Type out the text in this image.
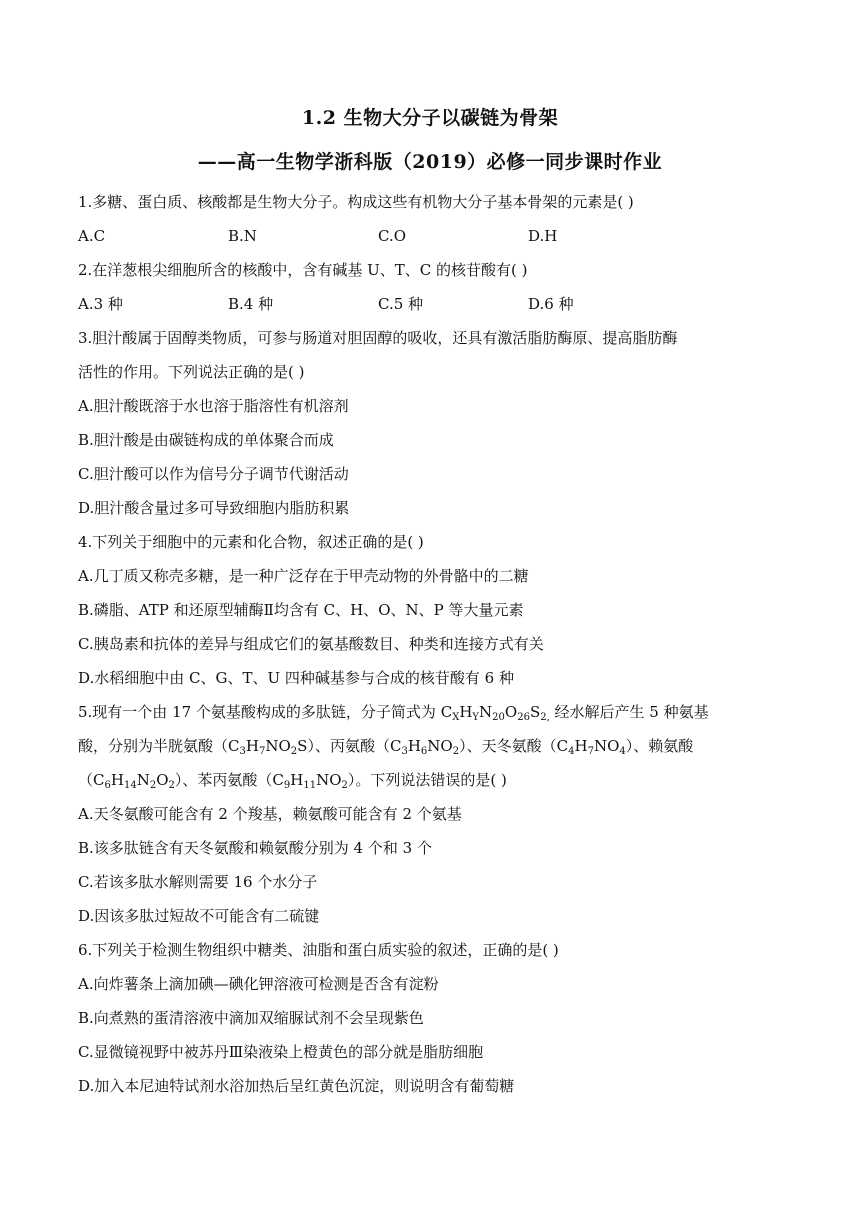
1.2 生物大分子以碳链为骨架
——高一生物学浙科版（2019）必修一同步课时作业
1.多糖、蛋白质、核酸都是生物大分子。构成这些有机物大分子基本骨架的元素是( )
A.C	B.N	C.O	D.H
2.在洋葱根尖细胞所含的核酸中，含有碱基 U、T、C 的核苷酸有( )
A.3 种	B.4 种	C.5 种	D.6 种
3.胆汁酸属于固醇类物质，可参与肠道对胆固醇的吸收，还具有激活脂肪酶原、提高脂肪酶
活性的作用。下列说法正确的是( )
A.胆汁酸既溶于水也溶于脂溶性有机溶剂
B.胆汁酸是由碳链构成的单体聚合而成
C.胆汁酸可以作为信号分子调节代谢活动
D.胆汁酸含量过多可导致细胞内脂肪积累
4.下列关于细胞中的元素和化合物，叙述正确的是( )
A.几丁质又称壳多糖，是一种广泛存在于甲壳动物的外骨骼中的二糖
B.磷脂、ATP 和还原型辅酶Ⅱ均含有 C、H、O、N、P 等大量元素
C.胰岛素和抗体的差异与组成它们的氨基酸数目、种类和连接方式有关
D.水稻细胞中由 C、G、T、U 四种碱基参与合成的核苷酸有 6 种
5.现有一个由 17 个氨基酸构成的多肽链，分子简式为 $C_XH_YN_{20}O_{26}S_{2,}$ 经水解后产生 5 种氨基
酸，分别为半胱氨酸$(C_3H_7NO_2S)$、丙氨酸$(C_3H_6NO_2)$、天冬氨酸$(C_4H_7NO_4)$、赖氨酸
$(C_6H_{14}N_2O_2)$、苯丙氨酸$(C_9H_{11}NO_2)$。下列说法错误的是( )
A.天冬氨酸可能含有 2 个羧基，赖氨酸可能含有 2 个氨基
B.该多肽链含有天冬氨酸和赖氨酸分别为 4 个和 3 个
C.若该多肽水解则需要 16 个水分子
D.因该多肽过短故不可能含有二硫键
6.下列关于检测生物组织中糖类、油脂和蛋白质实验的叙述，正确的是( )
A.向炸薯条上滴加碘—碘化钾溶液可检测是否含有淀粉
B.向煮熟的蛋清溶液中滴加双缩脲试剂不会呈现紫色
C.显微镜视野中被苏丹Ⅲ染液染上橙黄色的部分就是脂肪细胞
D.加入本尼迪特试剂水浴加热后呈红黄色沉淀，则说明含有葡萄糖
